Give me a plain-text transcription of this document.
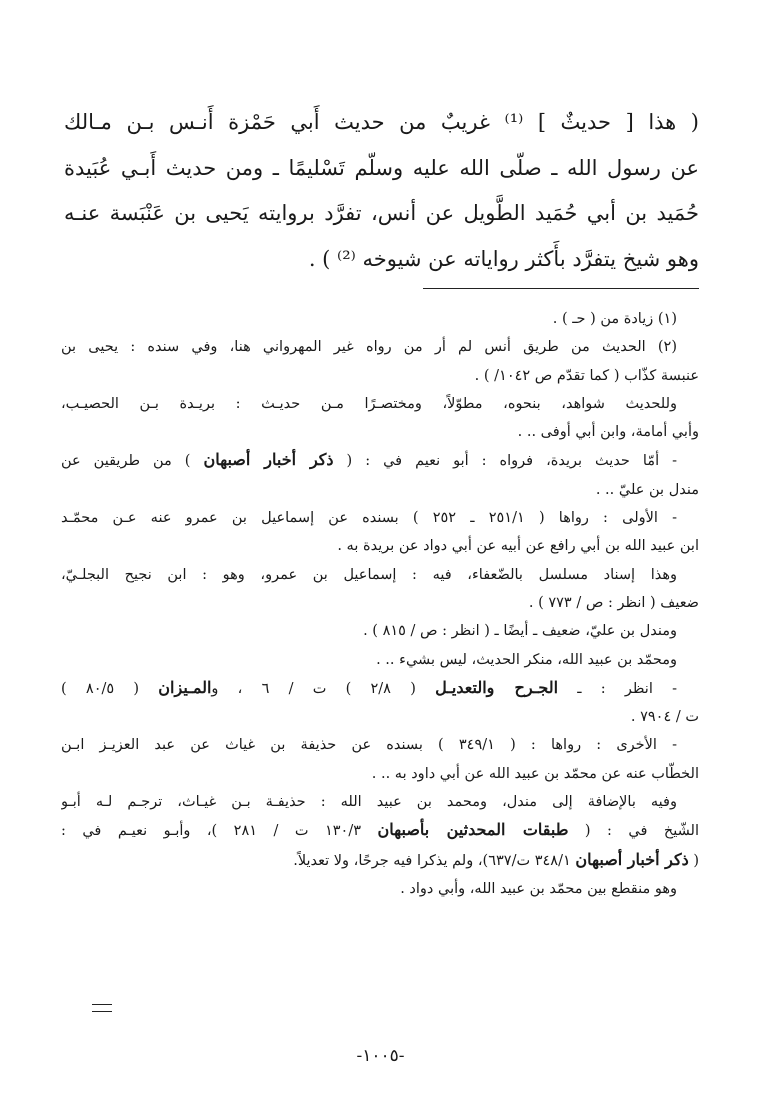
( هذا [ حديثٌ ] ⁽¹⁾ غريبٌ من حديث أَبي حَمْزة أَنـس بـن مـالك

عن رسول الله ـ صلّى الله عليه وسلّم تَسْليمًا ـ ومن حديث أَبـي عُبَيدة

حُمَيد بن أبي حُمَيد الطَّويل عن أنس، تفرَّد بروايته يَحيى بن عَنْبَسة عنـه

وهو شيخ يتفرَّد بأَكثر رواياته عن شيوخه ⁽²⁾ ) .

(١) زيادة من ( حـ ) .

(٢) الحديث من طريق أنس لم أر من رواه غير المهرواني هنا، وفي سنده : يحيى بن

عنبسة كذّاب ( كما تقدّم ص ١٠٤٢/ ) .

وللحديث شواهد، بنحوه، مطوّلاً، ومختصـرًا مـن حديـث : بريـدة بـن الحصيـب،

وأبي أمامة، وابن أبي أوفى .. .

- أمّا حديث بريدة، فرواه : أبو نعيم في : ( ذكر أخبار أصبهان ) من طريقين عن

مندل بن عليّ .. .

- الأولى : رواها ( ٢٥١/١ ـ ٢٥٢ ) بسنده عن إسماعيل بن عمرو عنه عـن محمّـد

ابن عبيد الله بن أبي رافع عن أبيه عن أبي دواد عن بريدة به .

وهذا إسناد مسلسل بالضّعفاء، فيه : إسماعيل بن عمرو، وهو : ابن نجيح البجلـيّ،

ضعيف ( انظر : ص / ٧٧٣ ) .

ومندل بن عليّ، ضعيف ـ أيضًا ـ ( انظر : ص / ٨١٥ ) .

ومحمّد بن عبيد الله، منكر الحديث، ليس بشيء .. .

- انظر : ـ الجـرح والتعديـل ( ٢/٨ ) ت / ٦ ، والمـيزان ( ٨٠/٥ )

ت / ٧٩٠٤ .

- الأخرى : رواها : ( ٣٤٩/١ ) بسنده عن حذيفة بن غياث عن عبد العزيـز ابـن

الخطّاب عنه عن محمّد بن عبيد الله عن أبي داود به .. .

وفيه بالإضافة إلى مندل، ومحمد بن عبيد الله : حذيفـة بـن غيـاث، ترجـم لـه أبـو

الشّيخ في : ( طبقات المحدثين بأصبهان ١٣٠/٣ ت / ٢٨١ )، وأبـو نعيـم في :

( ذكر أخبار أصبهان ٣٤٨/١ ت/٦٣٧)، ولم يذكرا فيه جرحًا، ولا تعديلاً.

وهو منقطع بين محمّد بن عبيد الله، وأبي دواد .

-١٠٠٥-
